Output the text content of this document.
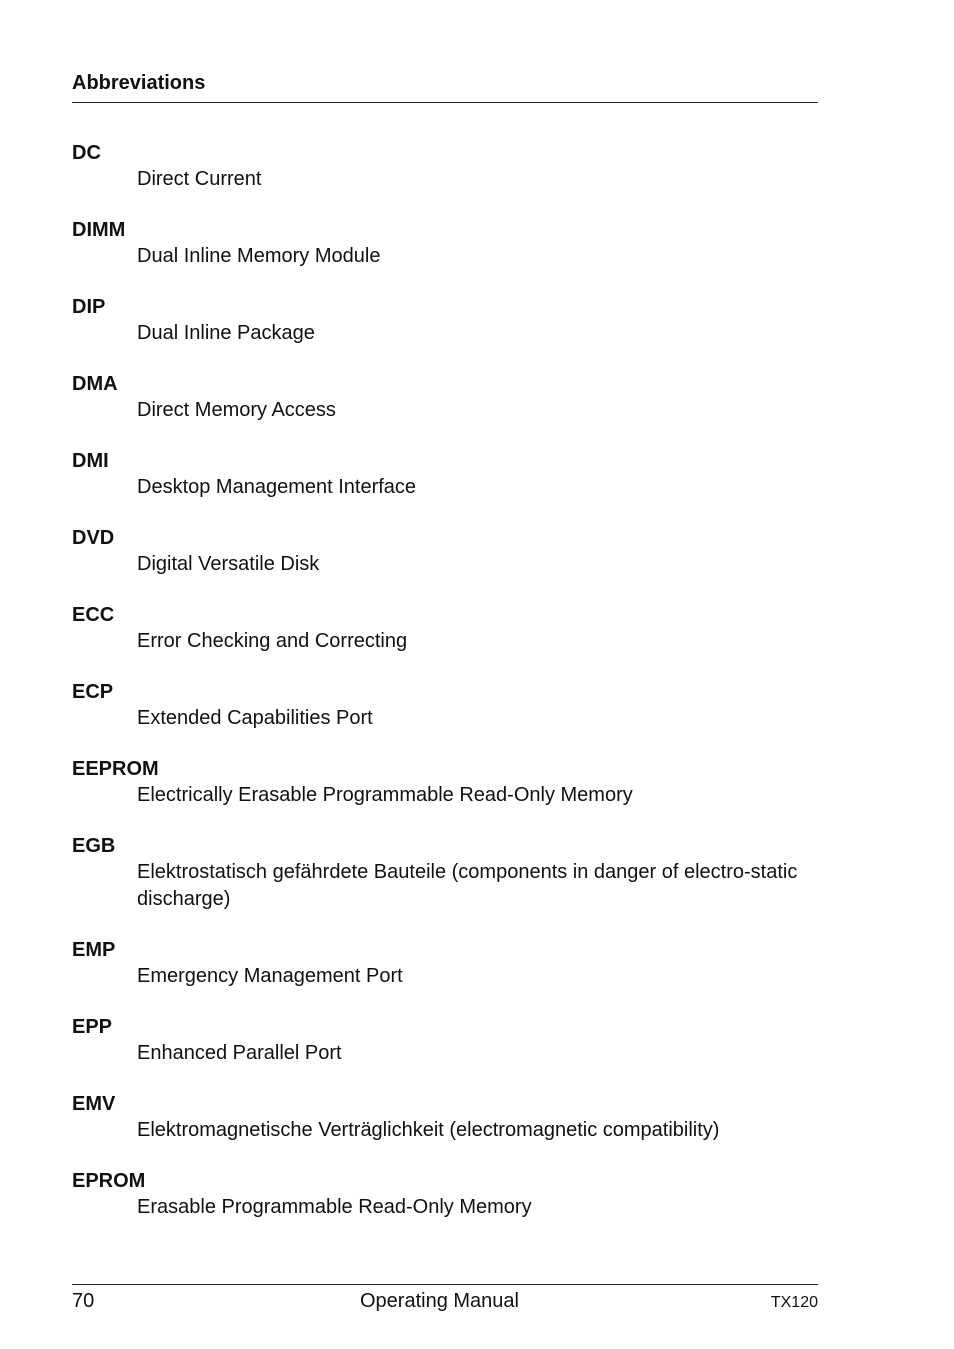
Abbreviations
DC
Direct Current
DIMM
Dual Inline Memory Module
DIP
Dual Inline Package
DMA
Direct Memory Access
DMI
Desktop Management Interface
DVD
Digital Versatile Disk
ECC
Error Checking and Correcting
ECP
Extended Capabilities Port
EEPROM
Electrically Erasable Programmable Read-Only Memory
EGB
Elektrostatisch gefährdete Bauteile (components in danger of electro-static discharge)
EMP
Emergency Management Port
EPP
Enhanced Parallel Port
EMV
Elektromagnetische Verträglichkeit (electromagnetic compatibility)
EPROM
Erasable Programmable Read-Only Memory
70	Operating Manual	TX120
